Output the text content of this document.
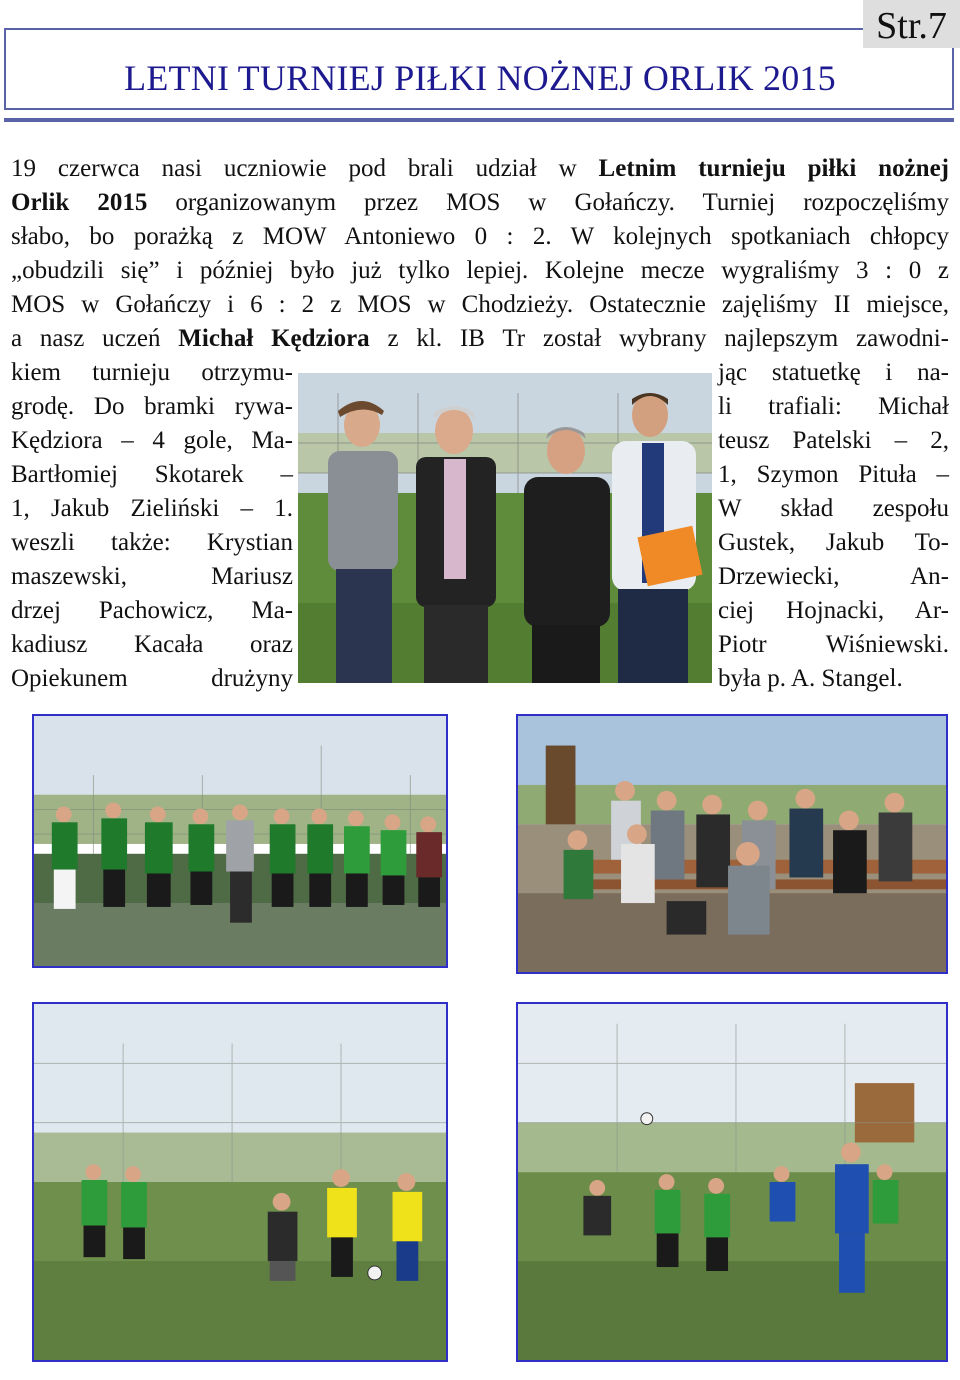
Str.7
LETNI TURNIEJ PIŁKI NOŻNEJ ORLIK 2015
19 czerwca nasi uczniowie pod brali udział w Letnim turnieju piłki nożnej
Orlik 2015 organizowanym przez MOS w Gołańczy. Turniej rozpoczęliśmy
słabo, bo porażką z MOW Antoniewo 0 : 2. W kolejnych spotkaniach chłopcy
„obudzili się” i później było już tylko lepiej. Kolejne mecze wygraliśmy 3 : 0 z
MOS w Gołańczy i 6 : 2 z MOS w Chodzieży. Ostatecznie zajęliśmy II miejsce,
a nasz uczeń Michał Kędziora z kl. IB Tr został wybrany najlepszym zawodni-
kiem turnieju otrzymu-
grodę. Do bramki rywa-
Kędziora – 4 gole, Ma-
Bartłomiej Skotarek –
1, Jakub Zieliński – 1.
weszli także: Krystian
maszewski, Mariusz
drzej Pachowicz, Ma-
kadiusz Kacała oraz
Opiekunem drużyny
jąc statuetkę i na-
li trafiali: Michał
teusz Patelski – 2,
1, Szymon Pituła –
W skład zespołu
Gustek, Jakub To-
Drzewiecki, An-
ciej Hojnacki, Ar-
Piotr Wiśniewski.
była p. A. Stangel.
